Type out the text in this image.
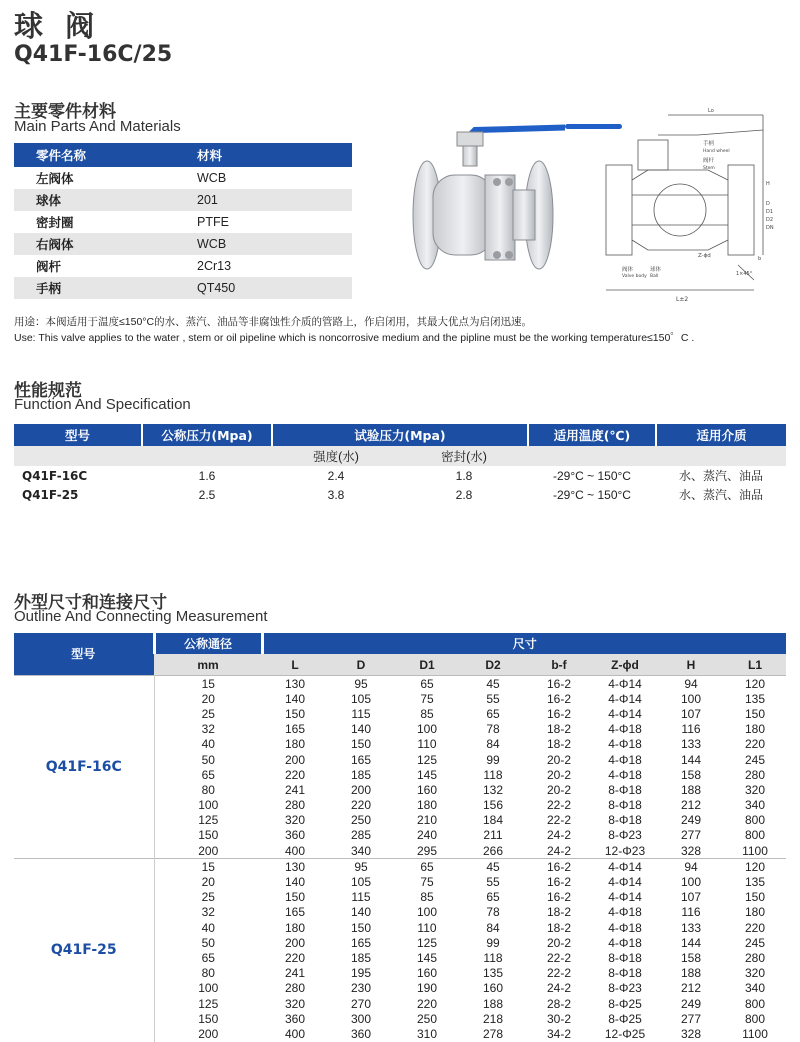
球 阀
Q41F-16C/25
主要零件材料
Main Parts And Materials
零件名称	材料
左阀体	WCB
球体	201
密封圈	PTFE
右阀体	WCB
阀杆	2Cr13
手柄	QT450
Lo
L±2
手柄
Hand wheel
阀杆
Stem
阀体
Valve body
球体
Ball
Z-ϕd
1×45°
H
D
D1
D2
DN
b
用途：本阀适用于温度≤150°C的水、蒸汽、油品等非腐蚀性介质的管路上，作启闭用，其最大优点为启闭迅速。
Use: This valve applies to the water , stem or oil pipeline which is noncorrosive medium and the pipline must be the working temperature≤150゜C .
性能规范
Function And Specification
型号	公称压力(Mpa)	试验压力(Mpa)		适用温度(℃)	适用介质
		强度(水)	密封(水)		
Q41F-16C	1.6	2.4	1.8	-29°C ~ 150°C	水、蒸汽、油品
Q41F-25	2.5	3.8	2.8	-29°C ~ 150°C	水、蒸汽、油品
外型尺寸和连接尺寸
Outline And Connecting Measurement
型号	公称通径	尺寸							
	mm	L	D	D1	D2	b-f	Z-ϕd	H	L1
Q41F-16C	15	130	95	65	45	16-2	4-Φ14	94	120
	20	140	105	75	55	16-2	4-Φ14	100	135
	25	150	115	85	65	16-2	4-Φ14	107	150
	32	165	140	100	78	18-2	4-Φ18	116	180
	40	180	150	110	84	18-2	4-Φ18	133	220
	50	200	165	125	99	20-2	4-Φ18	144	245
	65	220	185	145	118	20-2	4-Φ18	158	280
	80	241	200	160	132	20-2	8-Φ18	188	320
	100	280	220	180	156	22-2	8-Φ18	212	340
	125	320	250	210	184	22-2	8-Φ18	249	800
	150	360	285	240	211	24-2	8-Φ23	277	800
	200	400	340	295	266	24-2	12-Φ23	328	1100
Q41F-25	15	130	95	65	45	16-2	4-Φ14	94	120
	20	140	105	75	55	16-2	4-Φ14	100	135
	25	150	115	85	65	16-2	4-Φ14	107	150
	32	165	140	100	78	18-2	4-Φ18	116	180
	40	180	150	110	84	18-2	4-Φ18	133	220
	50	200	165	125	99	20-2	4-Φ18	144	245
	65	220	185	145	118	22-2	8-Φ18	158	280
	80	241	195	160	135	22-2	8-Φ18	188	320
	100	280	230	190	160	24-2	8-Φ23	212	340
	125	320	270	220	188	28-2	8-Φ25	249	800
	150	360	300	250	218	30-2	8-Φ25	277	800
	200	400	360	310	278	34-2	12-Φ25	328	1100
